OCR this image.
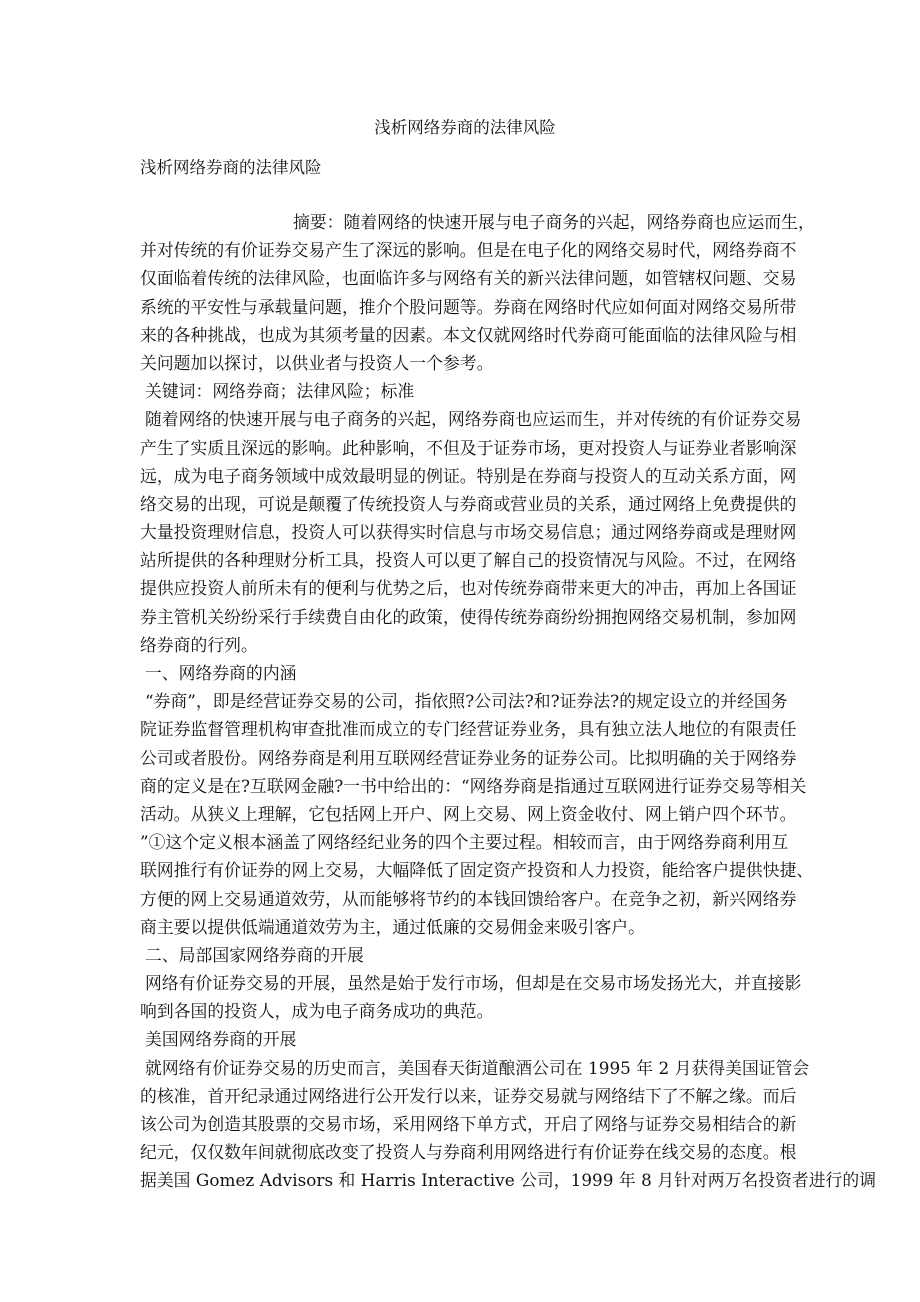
浅析网络券商的法律风险
浅析网络券商的法律风险
摘要：随着网络的快速开展与电子商务的兴起，网络券商也应运而生，
并对传统的有价证券交易产生了深远的影响。但是在电子化的网络交易时代，网络券商不
仅面临着传统的法律风险，也面临许多与网络有关的新兴法律问题，如管辖权问题、交易
系统的平安性与承载量问题，推介个股问题等。券商在网络时代应如何面对网络交易所带
来的各种挑战，也成为其须考量的因素。本文仅就网络时代券商可能面临的法律风险与相
关问题加以探讨，以供业者与投资人一个参考。
关键词：网络券商；法律风险；标准
随着网络的快速开展与电子商务的兴起，网络券商也应运而生，并对传统的有价证券交易
产生了实质且深远的影响。此种影响，不但及于证券市场，更对投资人与证券业者影响深
远，成为电子商务领域中成效最明显的例证。特别是在券商与投资人的互动关系方面，网
络交易的出现，可说是颠覆了传统投资人与券商或营业员的关系，通过网络上免费提供的
大量投资理财信息，投资人可以获得实时信息与市场交易信息；通过网络券商或是理财网
站所提供的各种理财分析工具，投资人可以更了解自己的投资情况与风险。不过，在网络
提供应投资人前所未有的便利与优势之后，也对传统券商带来更大的冲击，再加上各国证
券主管机关纷纷采行手续费自由化的政策，使得传统券商纷纷拥抱网络交易机制，参加网
络券商的行列。
一、网络券商的内涵
“券商”，即是经营证券交易的公司，指依照?公司法?和?证券法?的规定设立的并经国务
院证券监督管理机构审查批准而成立的专门经营证券业务，具有独立法人地位的有限责任
公司或者股份。网络券商是利用互联网经营证券业务的证券公司。比拟明确的关于网络券
商的定义是在?互联网金融?一书中给出的：“网络券商是指通过互联网进行证券交易等相关
活动。从狭义上理解，它包括网上开户、网上交易、网上资金收付、网上销户四个环节。
”①这个定义根本涵盖了网络经纪业务的四个主要过程。相较而言，由于网络券商利用互
联网推行有价证券的网上交易，大幅降低了固定资产投资和人力投资，能给客户提供快捷、
方便的网上交易通道效劳，从而能够将节约的本钱回馈给客户。在竞争之初，新兴网络券
商主要以提供低端通道效劳为主，通过低廉的交易佣金来吸引客户。
二、局部国家网络券商的开展
网络有价证券交易的开展，虽然是始于发行市场，但却是在交易市场发扬光大，并直接影
响到各国的投资人，成为电子商务成功的典范。
美国网络券商的开展
就网络有价证券交易的历史而言，美国春天街道酿酒公司在 1995 年 2 月获得美国证管会
的核准，首开纪录通过网络进行公开发行以来，证券交易就与网络结下了不解之缘。而后
该公司为创造其股票的交易市场，采用网络下单方式，开启了网络与证券交易相结合的新
纪元，仅仅数年间就彻底改变了投资人与券商利用网络进行有价证券在线交易的态度。根
据美国 Gomez Advisors 和 Harris Interactive 公司，1999 年 8 月针对两万名投资者进行的调
